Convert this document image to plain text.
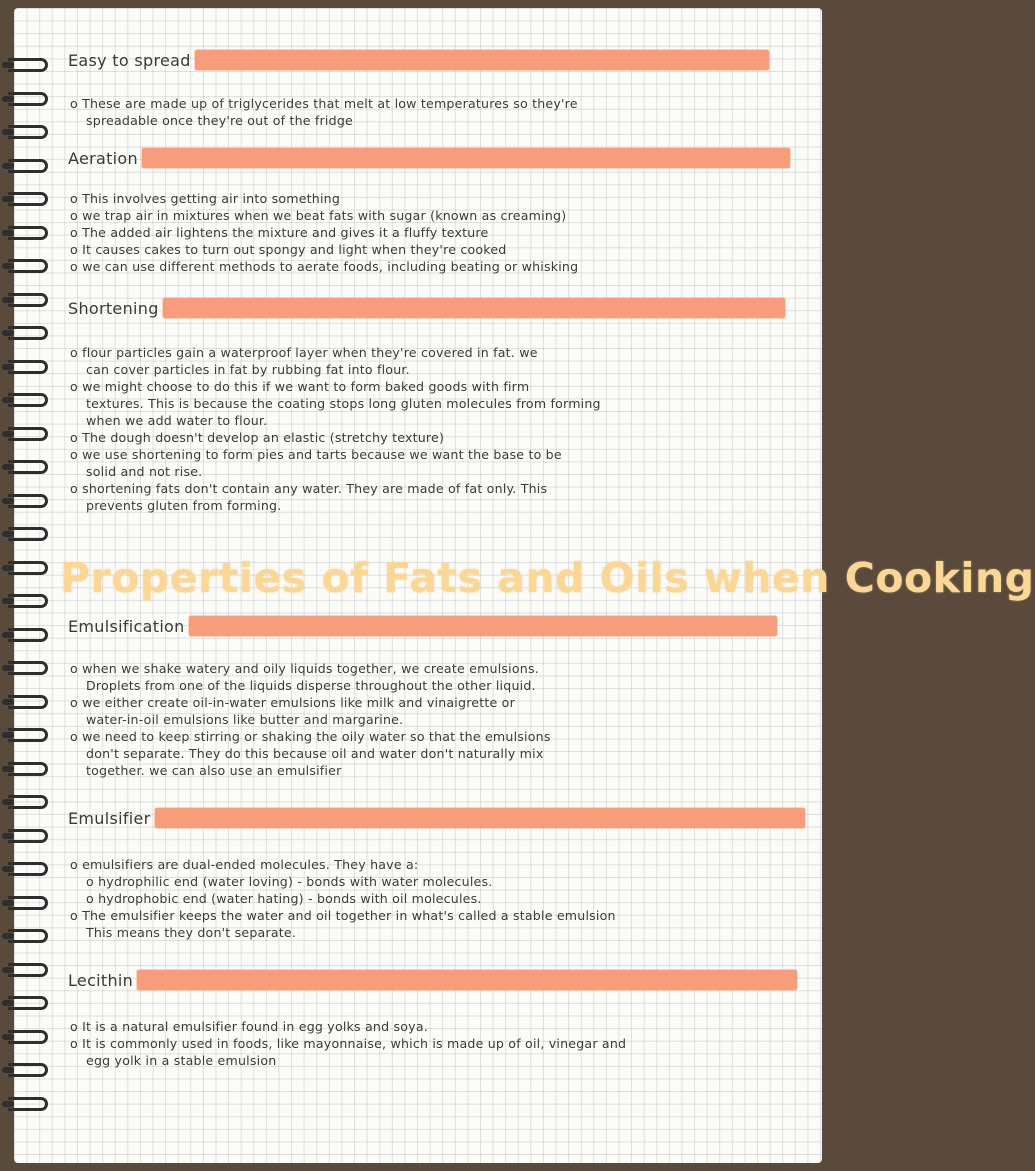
Easy to spread
o These are made up of triglycerides that melt at low temperatures so they're
spreadable once they're out of the fridge
Aeration
o This involves getting air into something
o we trap air in mixtures when we beat fats with sugar (known as creaming)
o The added air lightens the mixture and gives it a fluffy texture
o It causes cakes to turn out spongy and light when they're cooked
o we can use different methods to aerate foods, including beating or whisking
Shortening
o flour particles gain a waterproof layer when they're covered in fat. we
can cover particles in fat by rubbing fat into flour.
o we might choose to do this if we want to form baked goods with firm
textures. This is because the coating stops long gluten molecules from forming
when we add water to flour.
o The dough doesn't develop an elastic (stretchy texture)
o we use shortening to form pies and tarts because we want the base to be
solid and not rise.
o shortening fats don't contain any water. They are made of fat only. This
prevents gluten from forming.
Properties of Fats and Oils when Cooking
Emulsification
o when we shake watery and oily liquids together, we create emulsions.
Droplets from one of the liquids disperse throughout the other liquid.
o we either create oil-in-water emulsions like milk and vinaigrette or
water-in-oil emulsions like butter and margarine.
o we need to keep stirring or shaking the oily water so that the emulsions
don't separate. They do this because oil and water don't naturally mix
together. we can also use an emulsifier
Emulsifier
o emulsifiers are dual-ended molecules. They have a:
o hydrophilic end (water loving) - bonds with water molecules.
o hydrophobic end (water hating) - bonds with oil molecules.
o The emulsifier keeps the water and oil together in what's called a stable emulsion
This means they don't separate.
Lecithin
o It is a natural emulsifier found in egg yolks and soya.
o It is commonly used in foods, like mayonnaise, which is made up of oil, vinegar and
egg yolk in a stable emulsion
